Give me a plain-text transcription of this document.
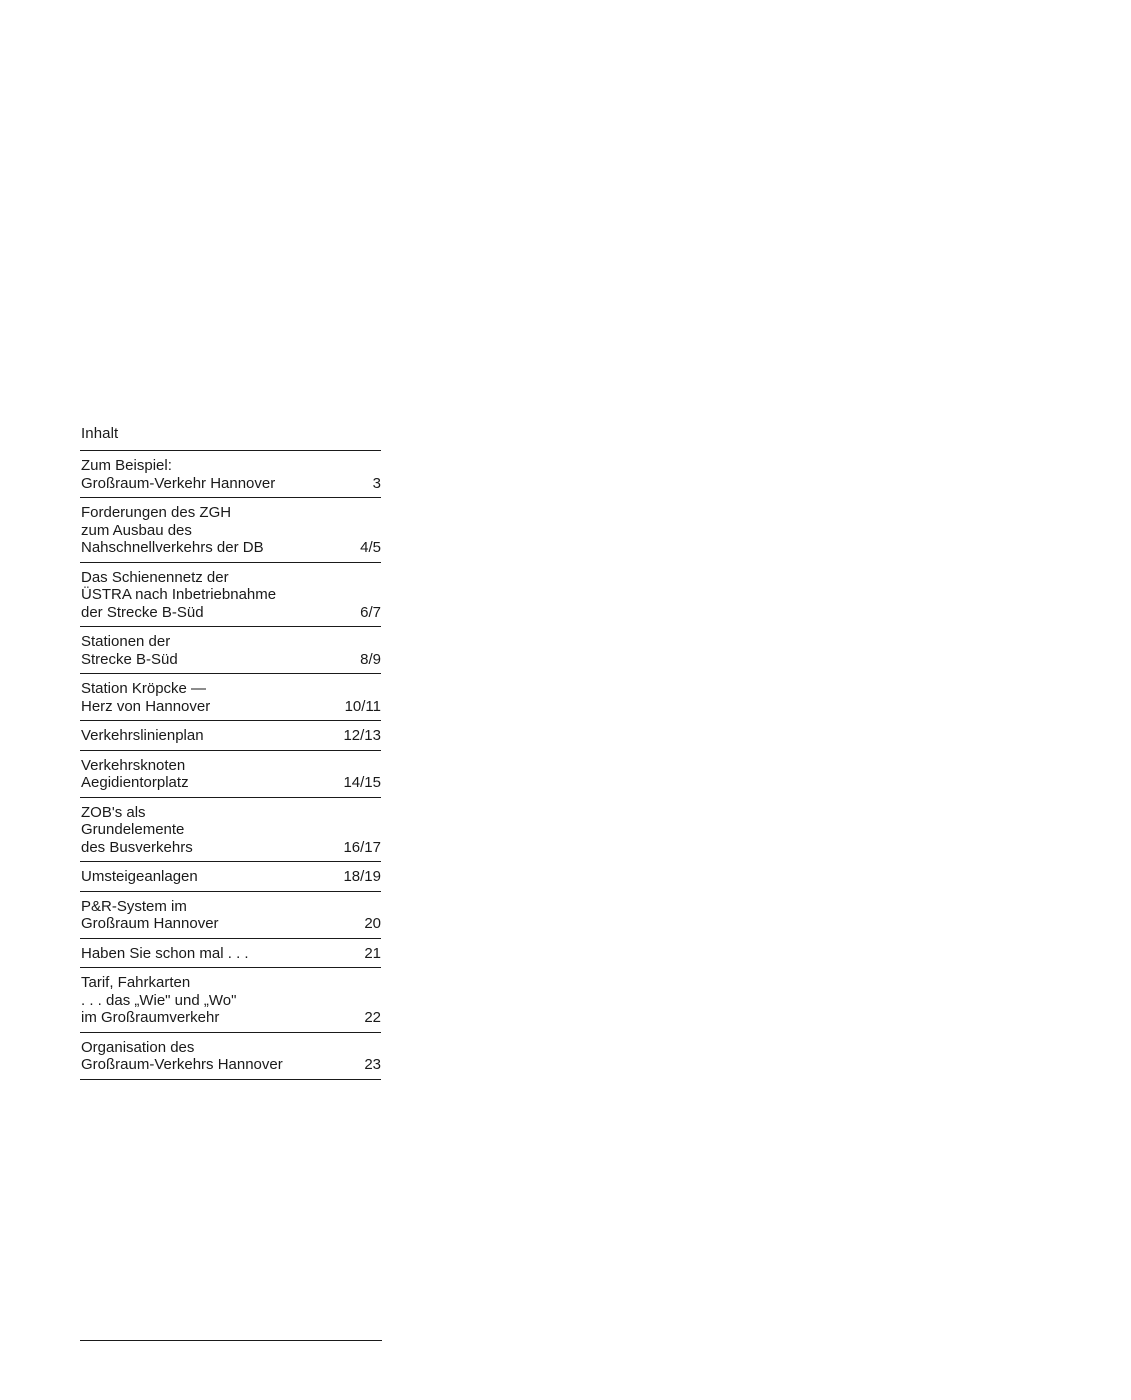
Inhalt
Zum Beispiel:
Großraum-Verkehr Hannover	3
Forderungen des ZGH
zum Ausbau des
Nahschnellverkehrs der DB	4/5
Das Schienennetz der
ÜSTRA nach Inbetriebnahme
der Strecke B-Süd	6/7
Stationen der
Strecke B-Süd	8/9
Station Kröpcke —
Herz von Hannover	10/11
Verkehrslinienplan	12/13
Verkehrsknoten
Aegidientorplatz	14/15
ZOB's als
Grundelemente
des Busverkehrs	16/17
Umsteigeanlagen	18/19
P&R-System im
Großraum Hannover	20
Haben Sie schon mal . . .	21
Tarif, Fahrkarten
. . . das „Wie" und „Wo"
im Großraumverkehr	22
Organisation des
Großraum-Verkehrs Hannover	23
